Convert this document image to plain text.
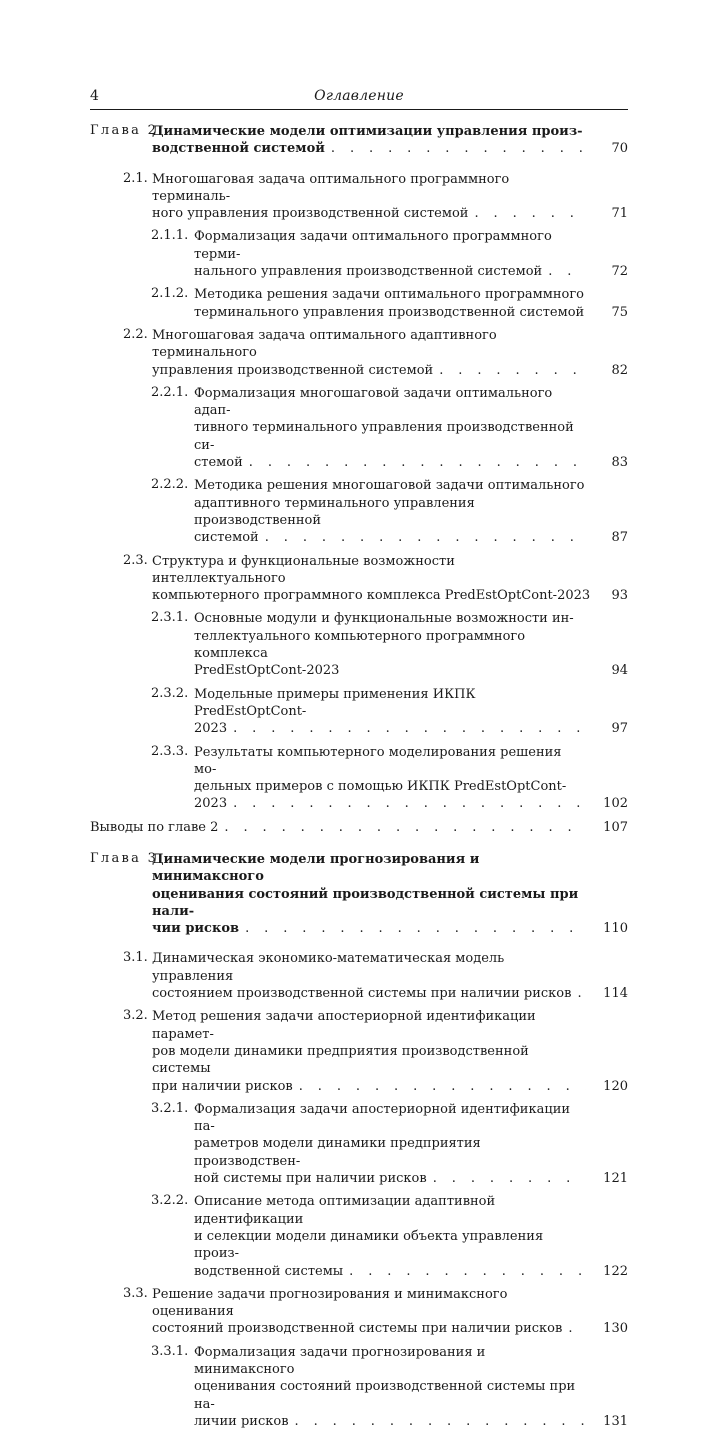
4	Оглавление
Глава 2.
Динамические модели оптимизации управления произ-

водственной системой . . .	70
2.1. Многошаговая задача оптимального программного терминаль-

ного управления производственной системой . . .	71
2.1.1. Формализация задачи оптимального программного терми-

нального управления производственной системой . . .	72
2.1.2. Методика решения задачи оптимального программного

терминального управления производственной системой 75
2.2. Многошаговая задача оптимального адаптивного терминального

управления производственной системой . . .	82
2.2.1. Формализация многошаговой задачи оптимального адап-
тивного терминального управления производственной си-

стемой . . .	83
2.2.2. Методика решения многошаговой задачи оптимального
адаптивного терминального управления производственной

системой . . .	87
2.3. Структура и функциональные возможности интеллектуального

компьютерного программного комплекса PredEstOptCont-2023 93
2.3.1. Основные модули и функциональные возможности ин-
теллектуального компьютерного программного комплекса

PredEstOptCont-2023	94
2.3.2. Модельные примеры применения ИКПК PredEstOptCont-

2023 . . .	97
2.3.3. Результаты компьютерного моделирования решения мо-
дельных примеров с помощью ИКПК PredEstOptCont-

2023 . . .	102
Выводы по главе 2 . . .	107
Глава 3.
Динамические модели прогнозирования и минимаксного
оценивания состояний производственной системы при нали-

чии рисков . . .	110
3.1. Динамическая экономико-математическая модель управления

состоянием производственной системы при наличии рисков . . . 114
3.2. Метод решения задачи апостериорной идентификации парамет-
ров модели динамики предприятия производственной системы

при наличии рисков . . .	120
3.2.1. Формализация задачи апостериорной идентификации па-
раметров модели динамики предприятия производствен-

ной системы при наличии рисков . . .	121
3.2.2. Описание метода оптимизации адаптивной идентификации
и селекции модели динамики объекта управления произ-

водственной системы . . .	122
3.3. Решение задачи прогнозирования и минимаксного оценивания

состояний производственной системы при наличии рисков . . .	130
3.3.1. Формализация задачи прогнозирования и минимаксного
оценивания состояний производственной системы при на-

личии рисков . . .	131
